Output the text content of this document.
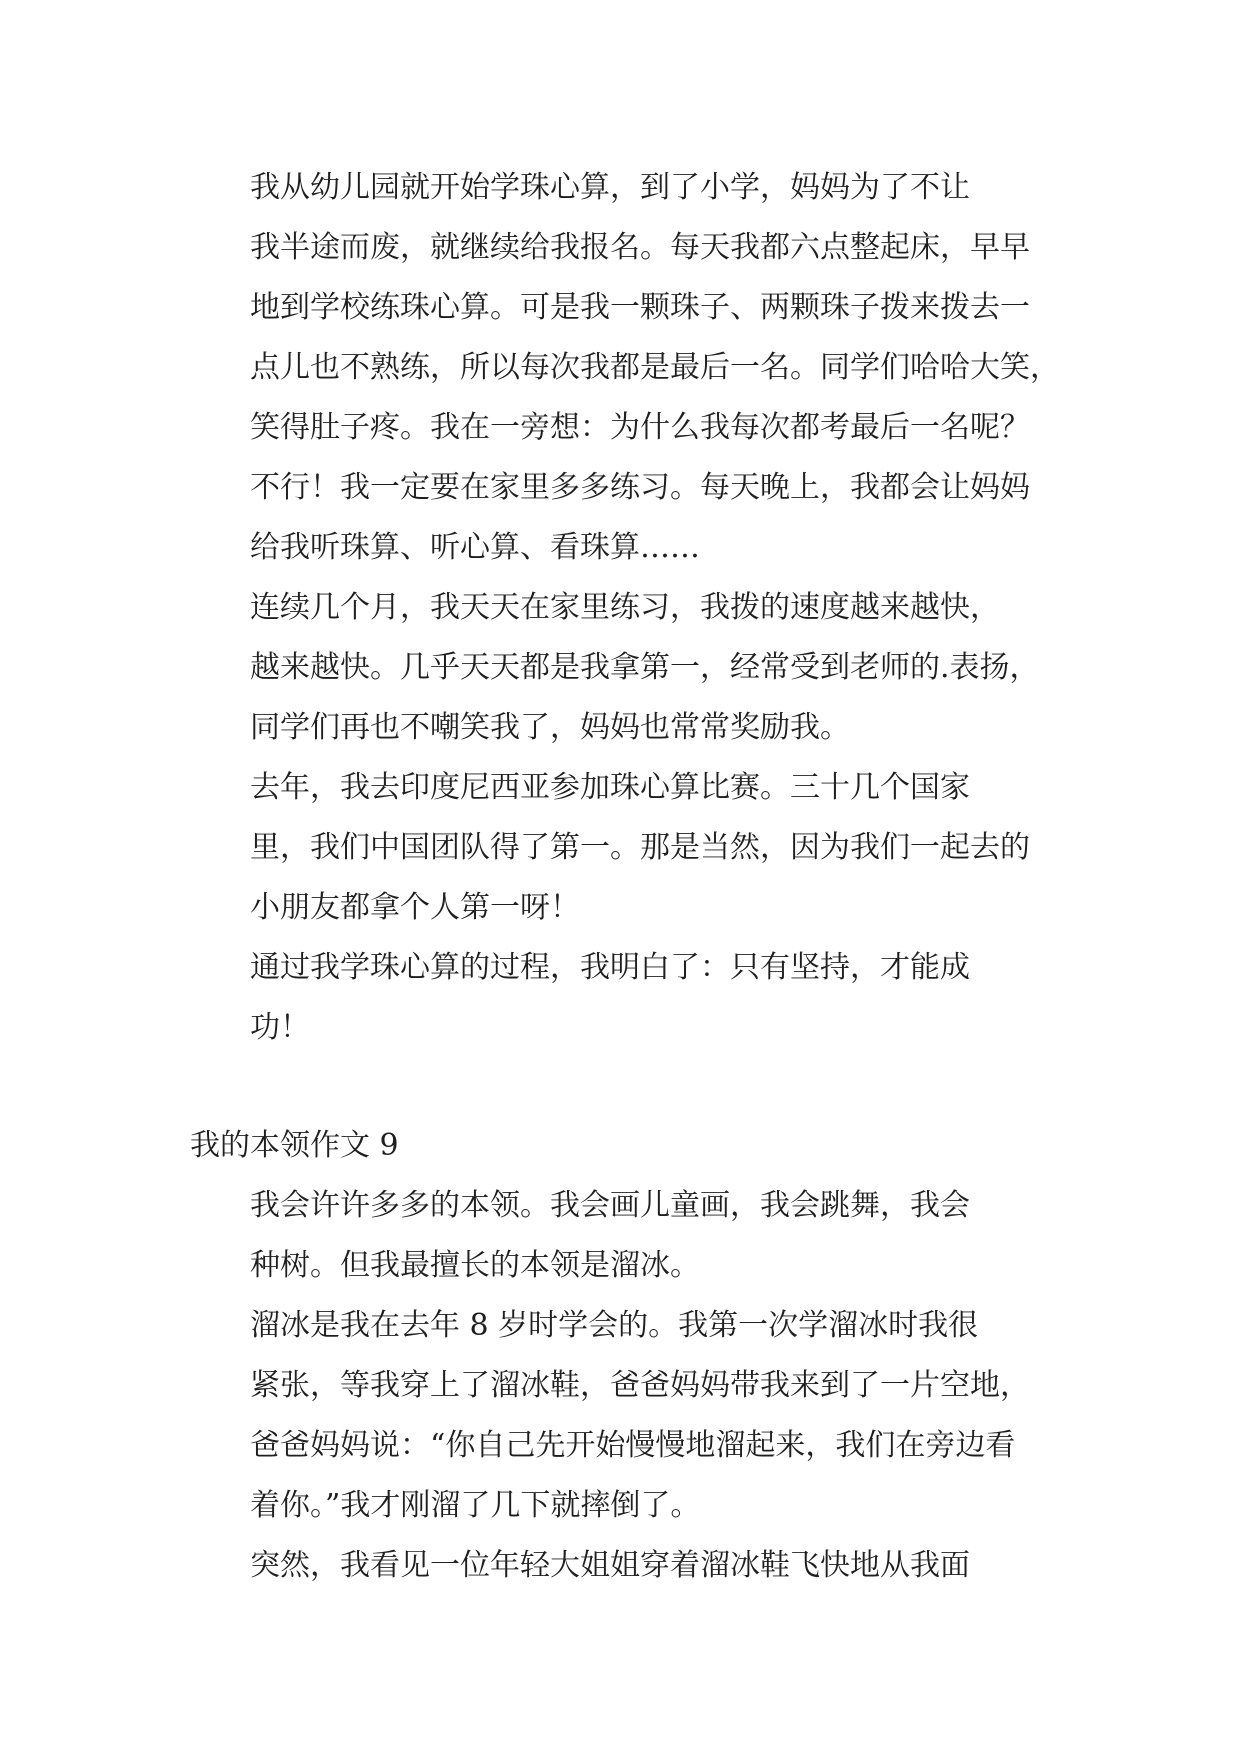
我从幼儿园就开始学珠心算，到了小学，妈妈为了不让
我半途而废，就继续给我报名。每天我都六点整起床，早早
地到学校练珠心算。可是我一颗珠子、两颗珠子拨来拨去一
点儿也不熟练，所以每次我都是最后一名。同学们哈哈大笑，
笑得肚子疼。我在一旁想：为什么我每次都考最后一名呢？
不行！我一定要在家里多多练习。每天晚上，我都会让妈妈
给我听珠算、听心算、看珠算……

连续几个月，我天天在家里练习，我拨的速度越来越快，
越来越快。几乎天天都是我拿第一，经常受到老师的.表扬，
同学们再也不嘲笑我了，妈妈也常常奖励我。

去年，我去印度尼西亚参加珠心算比赛。三十几个国家
里，我们中国团队得了第一。那是当然，因为我们一起去的
小朋友都拿个人第一呀！

通过我学珠心算的过程，我明白了：只有坚持，才能成
功！

我的本领作文 9

我会许许多多的本领。我会画儿童画，我会跳舞，我会
种树。但我最擅长的本领是溜冰。

溜冰是我在去年 8 岁时学会的。我第一次学溜冰时我很
紧张，等我穿上了溜冰鞋，爸爸妈妈带我来到了一片空地，
爸爸妈妈说：“你自己先开始慢慢地溜起来，我们在旁边看
着你。”我才刚溜了几下就摔倒了。

突然，我看见一位年轻大姐姐穿着溜冰鞋飞快地从我面
